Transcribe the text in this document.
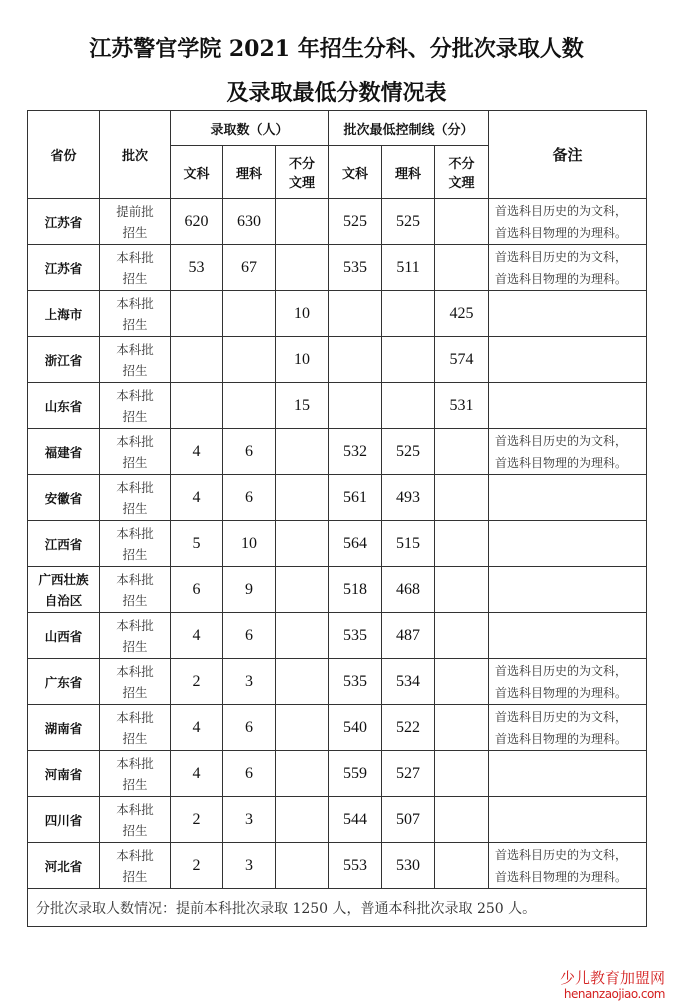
江苏警官学院 2021 年招生分科、分批次录取人数
及录取最低分数情况表
省份	批次	录取数（人）	批次最低控制线（分）	备注
文科	理科	不分文理	文科	理科	不分文理
江苏省	
提前批
招生
	620	630		525	525		
首选科目历史的为文科，
首选科目物理的为理科。

江苏省	
本科批
招生
	53	67		535	511		
首选科目历史的为文科，
首选科目物理的为理科。

上海市	
本科批
招生
			10			425	

浙江省	
本科批
招生
			10			574	

山东省	
本科批
招生
			15			531	

福建省	
本科批
招生
	4	6		532	525		
首选科目历史的为文科，
首选科目物理的为理科。

安徽省	
本科批
招生
	4	6		561	493		

江西省	
本科批
招生
	5	10		564	515		

广西壮族自治区	
本科批
招生
	6	9		518	468		

山西省	
本科批
招生
	4	6		535	487		

广东省	
本科批
招生
	2	3		535	534		
首选科目历史的为文科，
首选科目物理的为理科。

湖南省	
本科批
招生
	4	6		540	522		
首选科目历史的为文科，
首选科目物理的为理科。

河南省	
本科批
招生
	4	6		559	527		

四川省	
本科批
招生
	2	3		544	507		

河北省	
本科批
招生
	2	3		553	530		
首选科目历史的为文科，
首选科目物理的为理科。

分批次录取人数情况：提前本科批次录取 1250 人，普通本科批次录取 250 人。
少儿教育加盟网
henanzaojiao.com
